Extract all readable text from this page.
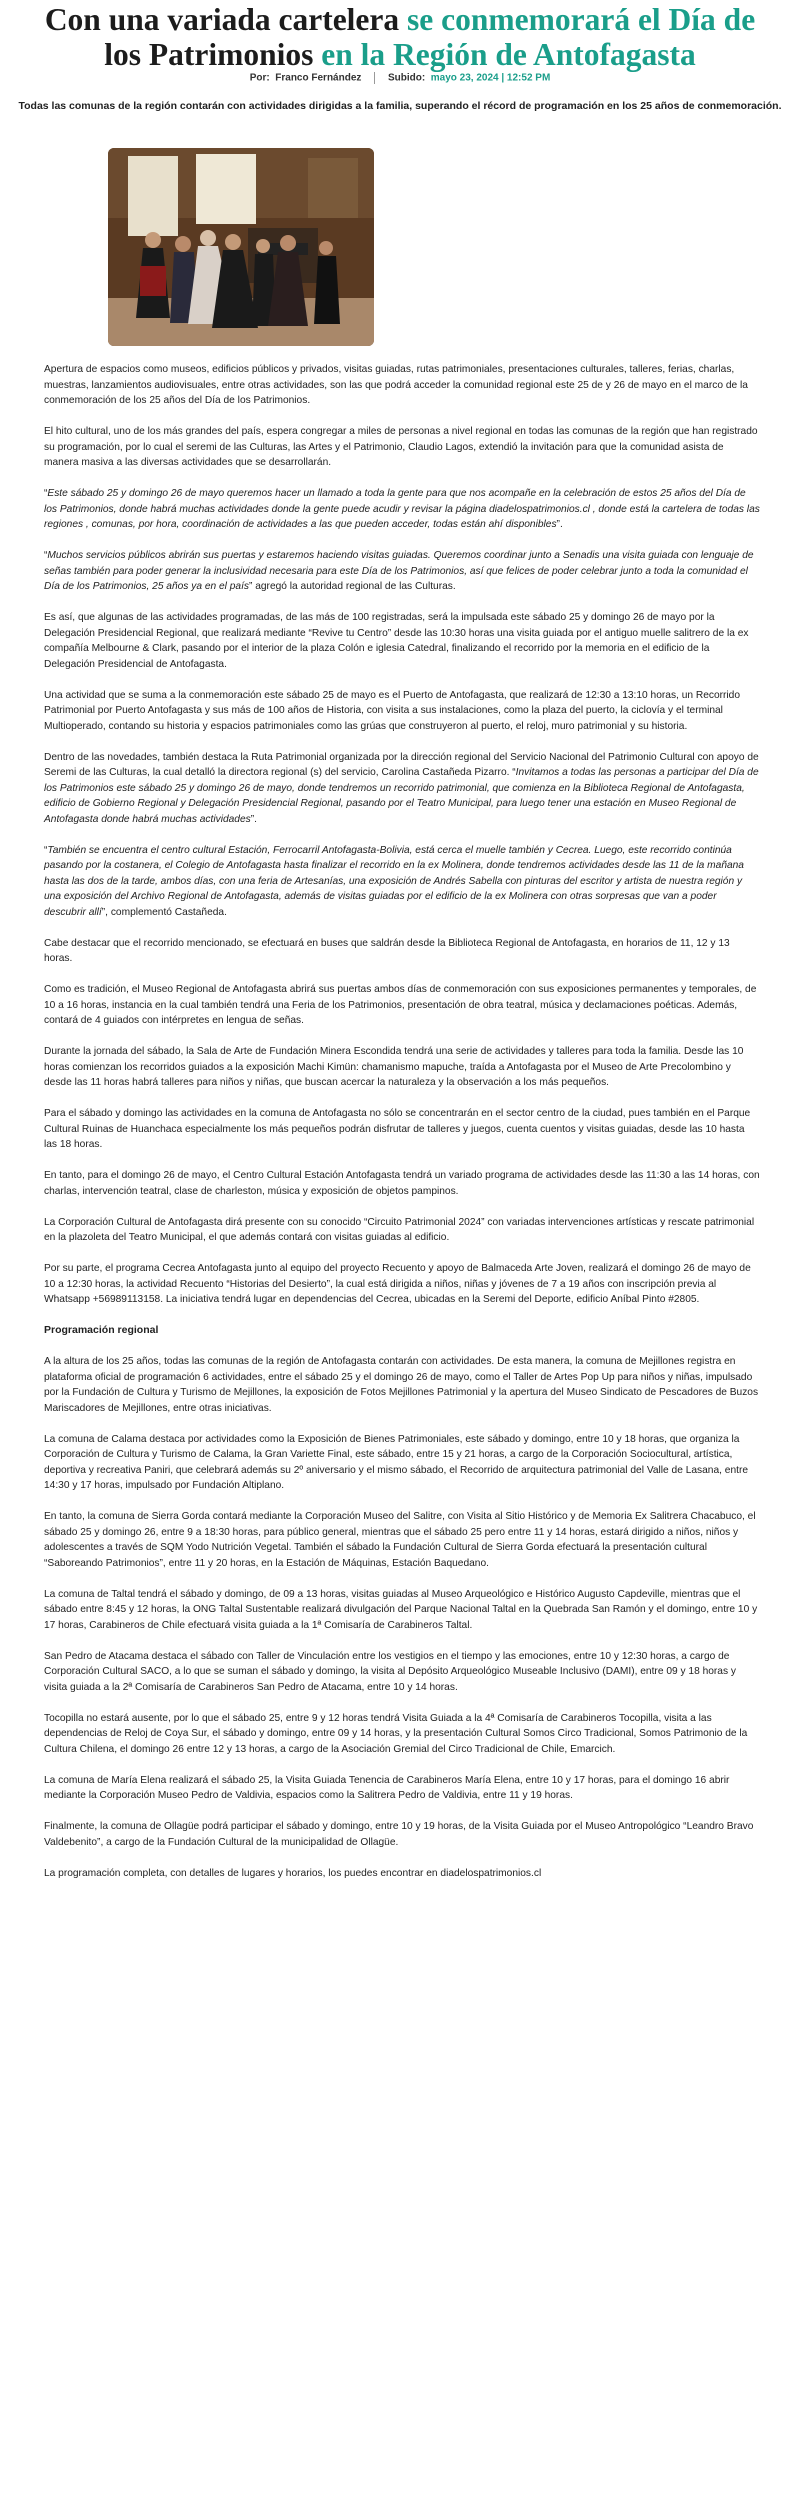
Con una variada cartelera se conmemorará el Día de
los Patrimonios en la Región de Antofagasta
Por: Franco Fernández	Subido: mayo 23, 2024 | 12:52 PM

Todas las comunas de la región contarán con actividades dirigidas a la familia, superando el récord de programación en los 25 años de conmemoración.

Apertura de espacios como museos, edificios públicos y privados, visitas guiadas, rutas patrimoniales, presentaciones culturales, talleres, ferias, charlas, muestras, lanzamientos audiovisuales, entre otras actividades, son las que podrá acceder la comunidad regional este 25 de y 26 de mayo en el marco de la conmemoración de los 25 años del Día de los Patrimonios.

El hito cultural, uno de los más grandes del país, espera congregar a miles de personas a nivel regional en todas las comunas de la región que han registrado su programación, por lo cual el seremi de las Culturas, las Artes y el Patrimonio, Claudio Lagos, extendió la invitación para que la comunidad asista de manera masiva a las diversas actividades que se desarrollarán.

“Este sábado 25 y domingo 26 de mayo queremos hacer un llamado a toda la gente para que nos acompañe en la celebración de estos 25 años del Día de los Patrimonios, donde habrá muchas actividades donde la gente puede acudir y revisar la página diadelospatrimonios.cl , donde está la cartelera de todas las regiones , comunas, por hora, coordinación de actividades a las que pueden acceder, todas están ahí disponibles”.

“Muchos servicios públicos abrirán sus puertas y estaremos haciendo visitas guiadas. Queremos coordinar junto a Senadis una visita guiada con lenguaje de señas también para poder generar la inclusividad necesaria para este Día de los Patrimonios, así que felices de poder celebrar junto a toda la comunidad el Día de los Patrimonios, 25 años ya en el país” agregó la autoridad regional de las Culturas.

Es así, que algunas de las actividades programadas, de las más de 100 registradas, será la impulsada este sábado 25 y domingo 26 de mayo por la Delegación Presidencial Regional, que realizará mediante “Revive tu Centro” desde las 10:30 horas una visita guiada por el antiguo muelle salitrero de la ex compañía Melbourne & Clark, pasando por el interior de la plaza Colón e iglesia Catedral, finalizando el recorrido por la memoria en el edificio de la Delegación Presidencial de Antofagasta.

Una actividad que se suma a la conmemoración este sábado 25 de mayo es el Puerto de Antofagasta, que realizará de 12:30 a 13:10 horas, un Recorrido Patrimonial por Puerto Antofagasta y sus más de 100 años de Historia, con visita a sus instalaciones, como la plaza del puerto, la ciclovía y el terminal Multioperado, contando su historia y espacios patrimoniales como las grúas que construyeron al puerto, el reloj, muro patrimonial y su historia.

Dentro de las novedades, también destaca la Ruta Patrimonial organizada por la dirección regional del Servicio Nacional del Patrimonio Cultural con apoyo de Seremi de las Culturas, la cual detalló la directora regional (s) del servicio, Carolina Castañeda Pizarro. “Invitamos a todas las personas a participar del Día de los Patrimonios este sábado 25 y domingo 26 de mayo, donde tendremos un recorrido patrimonial, que comienza en la Biblioteca Regional de Antofagasta, edificio de Gobierno Regional y Delegación Presidencial Regional, pasando por el Teatro Municipal, para luego tener una estación en Museo Regional de Antofagasta donde habrá muchas actividades”.

“También se encuentra el centro cultural Estación, Ferrocarril Antofagasta-Bolivia, está cerca el muelle también y Cecrea. Luego, este recorrido continúa pasando por la costanera, el Colegio de Antofagasta hasta finalizar el recorrido en la ex Molinera, donde tendremos actividades desde las 11 de la mañana hasta las dos de la tarde, ambos días, con una feria de Artesanías, una exposición de Andrés Sabella con pinturas del escritor y artista de nuestra región y una exposición del Archivo Regional de Antofagasta, además de visitas guiadas por el edificio de la ex Molinera con otras sorpresas que van a poder descubrir allí”, complementó Castañeda.

Cabe destacar que el recorrido mencionado, se efectuará en buses que saldrán desde la Biblioteca Regional de Antofagasta, en horarios de 11, 12 y 13 horas.

Como es tradición, el Museo Regional de Antofagasta abrirá sus puertas ambos días de conmemoración con sus exposiciones permanentes y temporales, de 10 a 16 horas, instancia en la cual también tendrá una Feria de los Patrimonios, presentación de obra teatral, música y declamaciones poéticas. Además, contará de 4 guiados con intérpretes en lengua de señas.

Durante la jornada del sábado, la Sala de Arte de Fundación Minera Escondida tendrá una serie de actividades y talleres para toda la familia. Desde las 10 horas comienzan los recorridos guiados a la exposición Machi Kimün: chamanismo mapuche, traída a Antofagasta por el Museo de Arte Precolombino y desde las 11 horas habrá talleres para niños y niñas, que buscan acercar la naturaleza y la observación a los más pequeños.

Para el sábado y domingo las actividades en la comuna de Antofagasta no sólo se concentrarán en el sector centro de la ciudad, pues también en el Parque Cultural Ruinas de Huanchaca especialmente los más pequeños podrán disfrutar de talleres y juegos, cuenta cuentos y visitas guiadas, desde las 10 hasta las 18 horas.

En tanto, para el domingo 26 de mayo, el Centro Cultural Estación Antofagasta tendrá un variado programa de actividades desde las 11:30 a las 14 horas, con charlas, intervención teatral, clase de charleston, música y exposición de objetos pampinos.

La Corporación Cultural de Antofagasta dirá presente con su conocido “Circuito Patrimonial 2024” con variadas intervenciones artísticas y rescate patrimonial en la plazoleta del Teatro Municipal, el que además contará con visitas guiadas al edificio.

Por su parte, el programa Cecrea Antofagasta junto al equipo del proyecto Recuento y apoyo de Balmaceda Arte Joven, realizará el domingo 26 de mayo de 10 a 12:30 horas, la actividad Recuento “Historias del Desierto”, la cual está dirigida a niños, niñas y jóvenes de 7 a 19 años con inscripción previa al Whatsapp +56989113158. La iniciativa tendrá lugar en dependencias del Cecrea, ubicadas en la Seremi del Deporte, edificio Aníbal Pinto #2805.

Programación regional

A la altura de los 25 años, todas las comunas de la región de Antofagasta contarán con actividades. De esta manera, la comuna de Mejillones registra en plataforma oficial de programación 6 actividades, entre el sábado 25 y el domingo 26 de mayo, como el Taller de Artes Pop Up para niños y niñas, impulsado por la Fundación de Cultura y Turismo de Mejillones, la exposición de Fotos Mejillones Patrimonial y la apertura del Museo Sindicato de Pescadores de Buzos Mariscadores de Mejillones, entre otras iniciativas.

La comuna de Calama destaca por actividades como la Exposición de Bienes Patrimoniales, este sábado y domingo, entre 10 y 18 horas, que organiza la Corporación de Cultura y Turismo de Calama, la Gran Variette Final, este sábado, entre 15 y 21 horas, a cargo de la Corporación Sociocultural, artística, deportiva y recreativa Paniri, que celebrará además su 2º aniversario y el mismo sábado, el Recorrido de arquitectura patrimonial del Valle de Lasana, entre 14:30 y 17 horas, impulsado por Fundación Altiplano.

En tanto, la comuna de Sierra Gorda contará mediante la Corporación Museo del Salitre, con Visita al Sitio Histórico y de Memoria Ex Salitrera Chacabuco, el sábado 25 y domingo 26, entre 9 a 18:30 horas, para público general, mientras que el sábado 25 pero entre 11 y 14 horas, estará dirigido a niños, niños y adolescentes a través de SQM Yodo Nutrición Vegetal. También el sábado la Fundación Cultural de Sierra Gorda efectuará la presentación cultural “Saboreando Patrimonios”, entre 11 y 20 horas, en la Estación de Máquinas, Estación Baquedano.

La comuna de Taltal tendrá el sábado y domingo, de 09 a 13 horas, visitas guiadas al Museo Arqueológico e Histórico Augusto Capdeville, mientras que el sábado entre 8:45 y 12 horas, la ONG Taltal Sustentable realizará divulgación del Parque Nacional Taltal en la Quebrada San Ramón y el domingo, entre 10 y 17 horas, Carabineros de Chile efectuará visita guiada a la 1ª Comisaría de Carabineros Taltal.

San Pedro de Atacama destaca el sábado con Taller de Vinculación entre los vestigios en el tiempo y las emociones, entre 10 y 12:30 horas, a cargo de Corporación Cultural SACO, a lo que se suman el sábado y domingo, la visita al Depósito Arqueológico Museable Inclusivo (DAMI), entre 09 y 18 horas y visita guiada a la 2ª Comisaría de Carabineros San Pedro de Atacama, entre 10 y 14 horas.

Tocopilla no estará ausente, por lo que el sábado 25, entre 9 y 12 horas tendrá Visita Guiada a la 4ª Comisaría de Carabineros Tocopilla, visita a las dependencias de Reloj de Coya Sur, el sábado y domingo, entre 09 y 14 horas, y la presentación Cultural Somos Circo Tradicional, Somos Patrimonio de la Cultura Chilena, el domingo 26 entre 12 y 13 horas, a cargo de la Asociación Gremial del Circo Tradicional de Chile, Emarcich.

La comuna de María Elena realizará el sábado 25, la Visita Guiada Tenencia de Carabineros María Elena, entre 10 y 17 horas, para el domingo 16 abrir mediante la Corporación Museo Pedro de Valdivia, espacios como la Salitrera Pedro de Valdivia, entre 11 y 19 horas.

Finalmente, la comuna de Ollagüe podrá participar el sábado y domingo, entre 10 y 19 horas, de la Visita Guiada por el Museo Antropológico “Leandro Bravo Valdebenito”, a cargo de la Fundación Cultural de la municipalidad de Ollagüe.

La programación completa, con detalles de lugares y horarios, los puedes encontrar en diadelospatrimonios.cl
